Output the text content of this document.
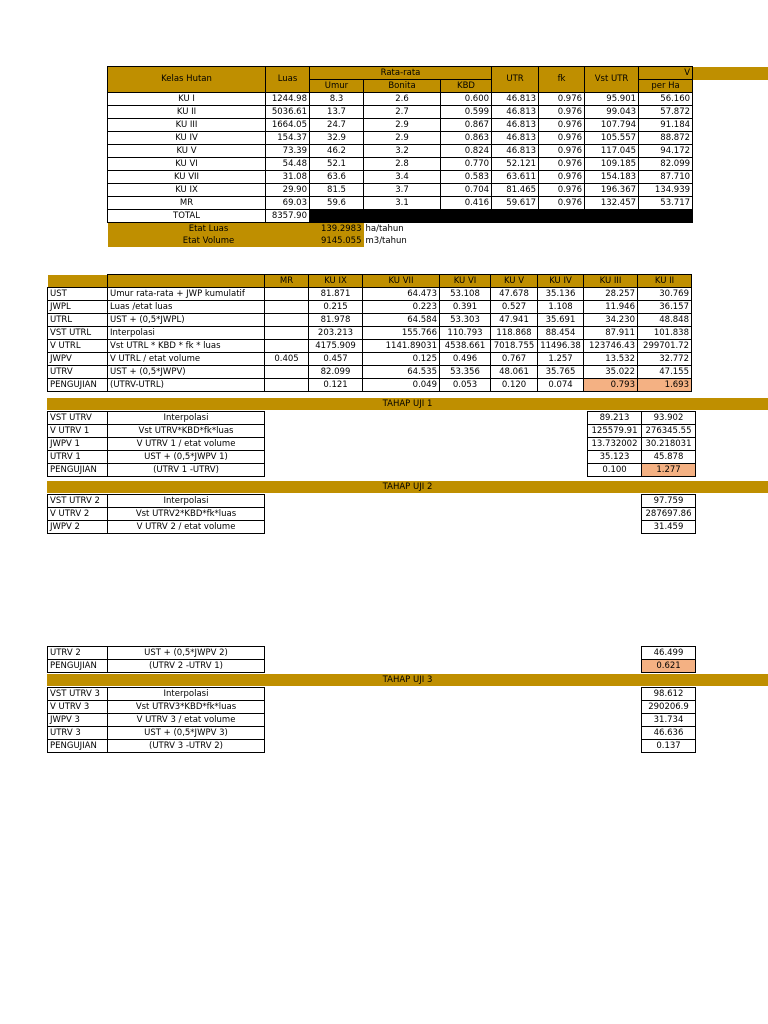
Kelas Hutan	Luas	Rata-rata			UTR	fk	Vst UTR	V	
		Umur	Bonita	KBD				per Ha	
KU I	1244.98	8.3	2.6	0.600	46.813	0.976	95.901	56.160	
KU II	5036.61	13.7	2.7	0.599	46.813	0.976	99.043	57.872	
KU III	1664.05	24.7	2.9	0.867	46.813	0.976	107.794	91.184	
KU IV	154.37	32.9	2.9	0.863	46.813	0.976	105.557	88.872	
KU V	73.39	46.2	3.2	0.824	46.813	0.976	117.045	94.172	
KU VI	54.48	52.1	2.8	0.770	52.121	0.976	109.185	82.099	
KU VII	31.08	63.6	3.4	0.583	63.611	0.976	154.183	87.710	
KU IX	29.90	81.5	3.7	0.704	81.465	0.976	196.367	134.939	
MR	69.03	59.6	3.1	0.416	59.617	0.976	132.457	53.717	
TOTAL	8357.90								
Etat Luas		139.2983	ha/tahun						
Etat Volume		9145.055	m3/tahun						
		MR	KU IX	KU VII	KU VI	KU V	KU IV	KU III	KU II	
UST	Umur rata-rata + JWP kumulatif		81.871	64.473	53.108	47.678	35.136	28.257	30.769	
JWPL	Luas /etat luas		0.215	0.223	0.391	0.527	1.108	11.946	36.157	
UTRL	UST + (0,5*JWPL)		81.978	64.584	53.303	47.941	35.691	34.230	48.848	
VST UTRL	Interpolasi		203.213	155.766	110.793	118.868	88.454	87.911	101.838	
V UTRL	Vst UTRL * KBD * fk * luas		4175.909	1141.89031	4538.661	7018.755	11496.38	123746.43	299701.72	
JWPV	V UTRL / etat volume	0.405	0.457	0.125	0.496	0.767	1.257	13.532	32.772	
UTRV	UST + (0,5*JWPV)		82.099	64.535	53.356	48.061	35.765	35.022	47.155	
PENGUJIAN	(UTRV-UTRL)		0.121	0.049	0.053	0.120	0.074	0.793	1.693	
TAHAP UJI 1
VST UTRV	Interpolasi		89.213	93.902	
V UTRV 1	Vst UTRV*KBD*fk*luas		125579.91	276345.55	
JWPV 1	V UTRV 1 / etat volume		13.732002	30.218031	
UTRV 1	UST + (0,5*JWPV 1)		35.123	45.878	
PENGUJIAN	(UTRV 1 -UTRV)		0.100	1.277	
TAHAP UJI 2
VST UTRV 2	Interpolasi		97.759	
V UTRV 2	Vst UTRV2*KBD*fk*luas		287697.86	
JWPV 2	V UTRV 2 / etat volume		31.459	
UTRV 2	UST + (0,5*JWPV 2)		46.499	
PENGUJIAN	(UTRV 2 -UTRV 1)		0.621	
TAHAP UJI 3
VST UTRV 3	Interpolasi		98.612	
V UTRV 3	Vst UTRV3*KBD*fk*luas		290206.9	
JWPV 3	V UTRV 3 / etat volume		31.734	
UTRV 3	UST + (0,5*JWPV 3)		46.636	
PENGUJIAN	(UTRV 3 -UTRV 2)		0.137	
